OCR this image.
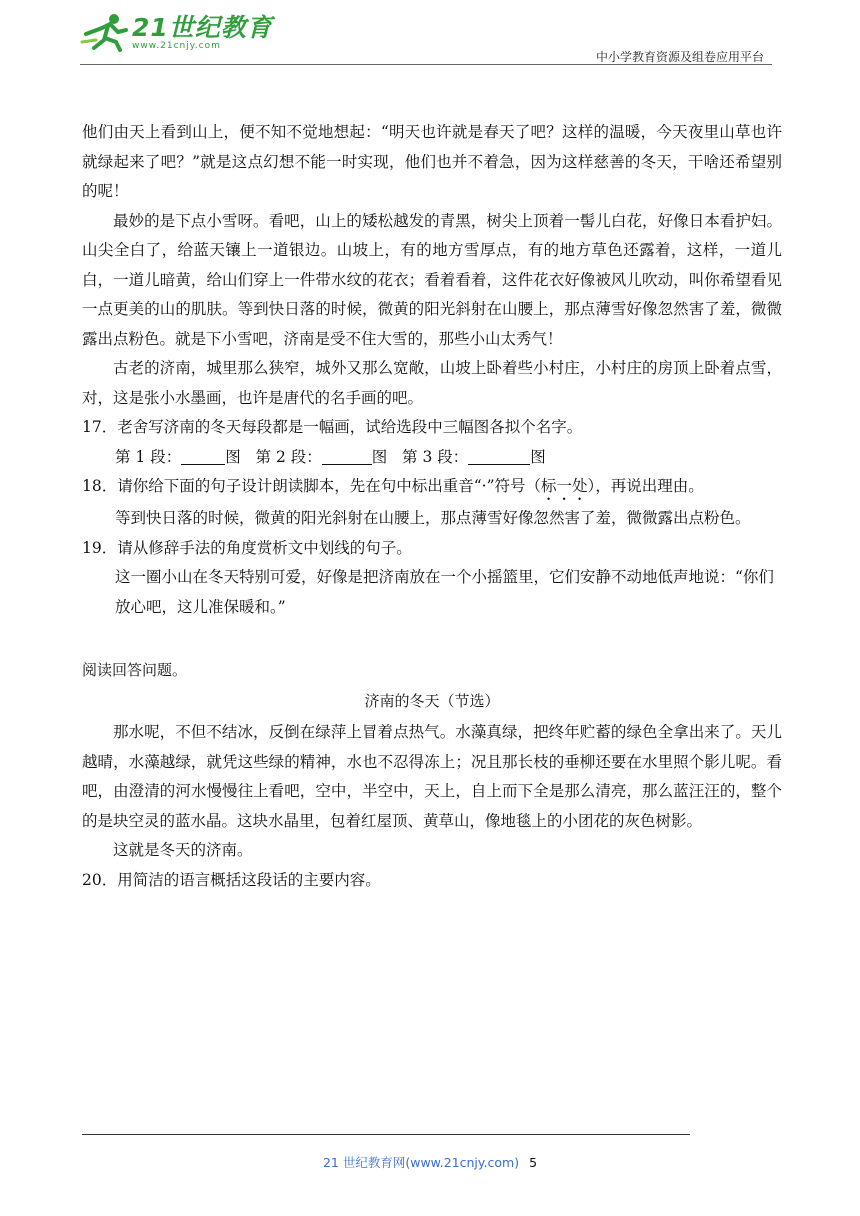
21世纪教育
www.21cnjy.com
中小学教育资源及组卷应用平台

他们由天上看到山上，便不知不觉地想起：“明天也许就是春天了吧？这样的温暖，今天夜里山草也许就绿起来了吧？”就是这点幻想不能一时实现，他们也并不着急，因为这样慈善的冬天，干啥还希望别的呢！

最妙的是下点小雪呀。看吧，山上的矮松越发的青黑，树尖上顶着一髻儿白花，好像日本看护妇。山尖全白了，给蓝天镶上一道银边。山坡上，有的地方雪厚点，有的地方草色还露着，这样，一道儿白，一道儿暗黄，给山们穿上一件带水纹的花衣；看着看着，这件花衣好像被风儿吹动，叫你希望看见一点更美的山的肌肤。等到快日落的时候，微黄的阳光斜射在山腰上，那点薄雪好像忽然害了羞，微微露出点粉色。就是下小雪吧，济南是受不住大雪的，那些小山太秀气！

古老的济南，城里那么狭窄，城外又那么宽敞，山坡上卧着些小村庄，小村庄的房顶上卧着点雪，对，这是张小水墨画，也许是唐代的名手画的吧。

17．老舍写济南的冬天每段都是一幅画，试给选段中三幅图各拟个名字。

第 1 段：	图 第 2 段：	图 第 3 段：	图

18．请你给下面的句子设计朗读脚本，先在句中标出重音“·”符号（标一处），再说出理由。

等到快日落的时候，微黄的阳光斜射在山腰上，那点薄雪好像忽然害了羞，微微露出点粉色。

19．请从修辞手法的角度赏析文中划线的句子。

这一圈小山在冬天特别可爱，好像是把济南放在一个小摇篮里，它们安静不动地低声地说：“你们放心吧，这儿准保暖和。”

阅读回答问题。

济南的冬天（节选）

那水呢，不但不结冰，反倒在绿萍上冒着点热气。水藻真绿，把终年贮蓄的绿色全拿出来了。天儿越晴，水藻越绿，就凭这些绿的精神，水也不忍得冻上；况且那长枝的垂柳还要在水里照个影儿呢。看吧，由澄清的河水慢慢往上看吧，空中，半空中，天上，自上而下全是那么清亮，那么蓝汪汪的，整个的是块空灵的蓝水晶。这块水晶里，包着红屋顶、黄草山，像地毯上的小团花的灰色树影。

这就是冬天的济南。

20．用简洁的语言概括这段话的主要内容。

21 世纪教育网(www.21cnjy.com) 5
